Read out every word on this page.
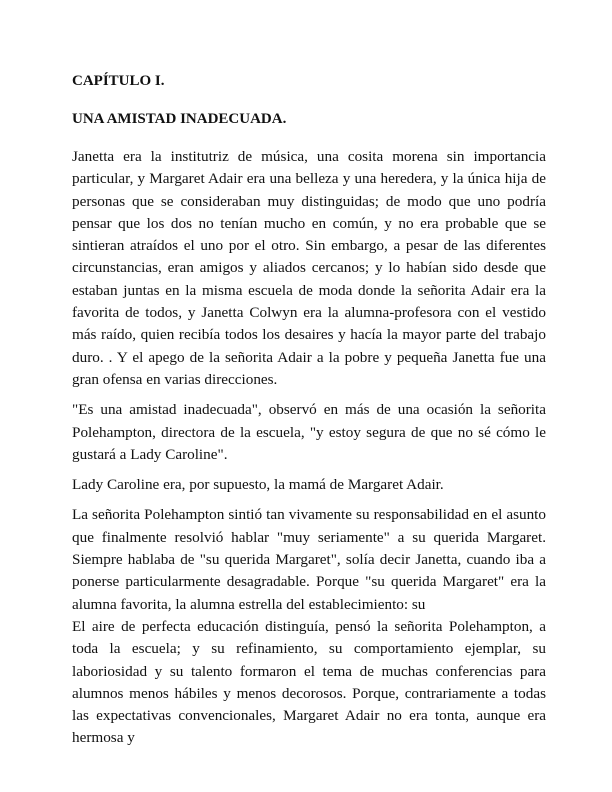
CAPÍTULO I.

UNA AMISTAD INADECUADA.

Janetta era la institutriz de música, una cosita morena sin importancia particular, y Margaret Adair era una belleza y una heredera, y la única hija de personas que se consideraban muy distinguidas; de modo que uno podría pensar que los dos no tenían mucho en común, y no era probable que se sintieran atraídos el uno por el otro. Sin embargo, a pesar de las diferentes circunstancias, eran amigos y aliados cercanos; y lo habían sido desde que estaban juntas en la misma escuela de moda donde la señorita Adair era la favorita de todos, y Janetta Colwyn era la alumna-profesora con el vestido más raído, quien recibía todos los desaires y hacía la mayor parte del trabajo duro. . Y el apego de la señorita Adair a la pobre y pequeña Janetta fue una gran ofensa en varias direcciones.

"Es una amistad inadecuada", observó en más de una ocasión la señorita Polehampton, directora de la escuela, "y estoy segura de que no sé cómo le gustará a Lady Caroline".

Lady Caroline era, por supuesto, la mamá de Margaret Adair.

La señorita Polehampton sintió tan vivamente su responsabilidad en el asunto que finalmente resolvió hablar "muy seriamente" a su querida Margaret. Siempre hablaba de "su querida Margaret", solía decir Janetta, cuando iba a ponerse particularmente desagradable. Porque "su querida Margaret" era la alumna favorita, la alumna estrella del establecimiento: su

El aire de perfecta educación distinguía, pensó la señorita Polehampton, a toda la escuela; y su refinamiento, su comportamiento ejemplar, su laboriosidad y su talento formaron el tema de muchas conferencias para alumnos menos hábiles y menos decorosos. Porque, contrariamente a todas las expectativas convencionales, Margaret Adair no era tonta, aunque era hermosa y
